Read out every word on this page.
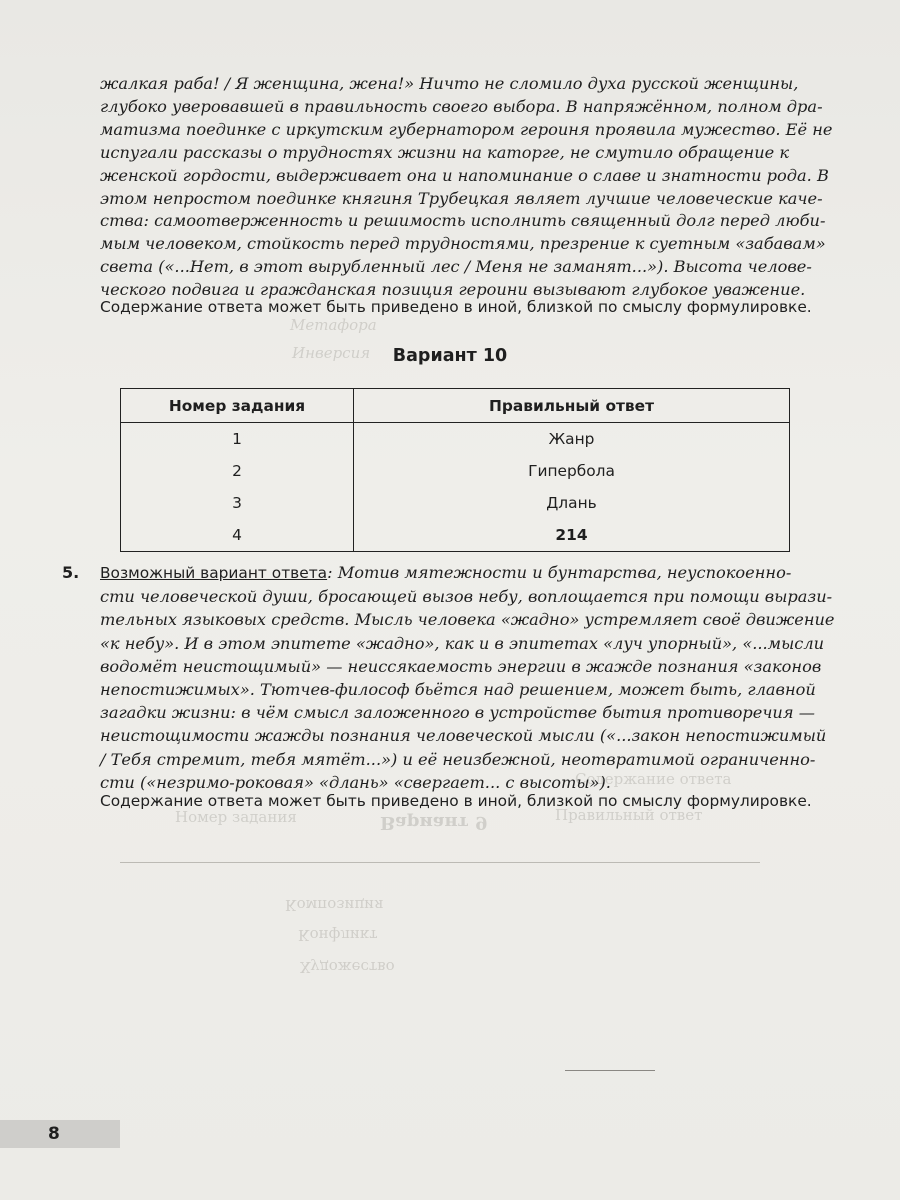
Метафора
Инверсия
Вариант 9
Номер задания	Правильный ответ
Композиция
Конфликт
Художество
Содержание ответа
жалкая раба! / Я женщина, жена!» Ничто не сломило духа русской женщины,
глубоко уверовавшей в правильность своего выбора. В напряжённом, полном дра-
матизма поединке с иркутским губернатором героиня проявила мужество. Её не
испугали рассказы о трудностях жизни на каторге, не смутило обращение к
женской гордости, выдерживает она и напоминание о славе и знатности рода. В
этом непростом поединке княгиня Трубецкая являет лучшие человеческие каче-
ства: самоотверженность и решимость исполнить священный долг перед люби-
мым человеком, стойкость перед трудностями, презрение к суетным «забавам»
света («...Нет, в этот вырубленный лес / Меня не заманят...»). Высота челове-
ческого подвига и гражданская позиция героини вызывают глубокое уважение.
Содержание ответа может быть приведено в иной, близкой по смыслу формулировке.
Вариант 10
Номер задания	Правильный ответ
1	Жанр
2	Гипербола
3	Длань
4	214
5. Возможный вариант ответа: Мотив мятежности и бунтарства, неуспокоенно-
сти человеческой души, бросающей вызов небу, воплощается при помощи вырази-
тельных языковых средств. Мысль человека «жадно» устремляет своё движение
«к небу». И в этом эпитете «жадно», как и в эпитетах «луч упорный», «...мысли
водомёт неистощимый» — неиссякаемость энергии в жажде познания «законов
непостижимых». Тютчев-философ бьётся над решением, может быть, главной
загадки жизни: в чём смысл заложенного в устройстве бытия противоречия —
неистощимости жажды познания человеческой мысли («...закон непостижимый
/ Тебя стремит, тебя мятёт...») и её неизбежной, неотвратимой ограниченно-
сти («незримо-роковая» «длань» «свергает... с высоты»).
Содержание ответа может быть приведено в иной, близкой по смыслу формулировке.
8
